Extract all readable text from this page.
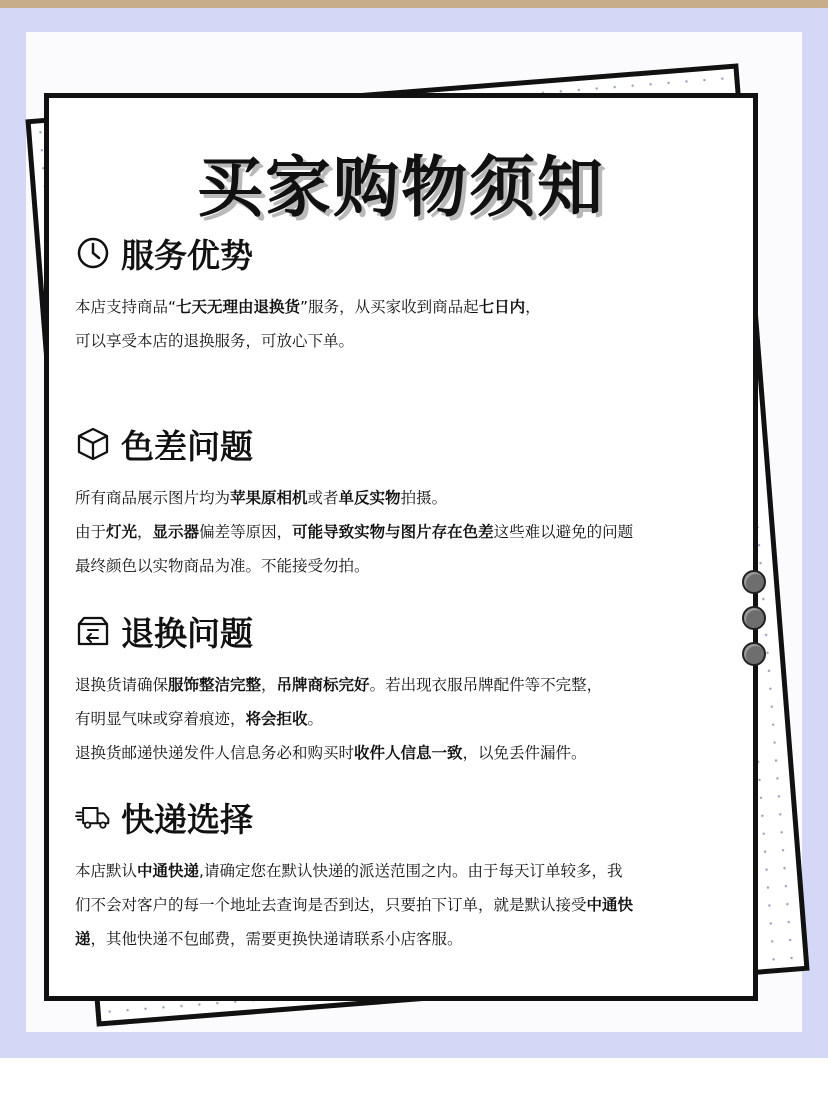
买家购物须知
服务优势
本店支持商品“七天无理由退换货”服务，从买家收到商品起七日内，
可以享受本店的退换服务，可放心下单。
色差问题
所有商品展示图片均为苹果原相机或者单反实物拍摄。
由于灯光，显示器偏差等原因，可能导致实物与图片存在色差这些难以避免的问题
最终颜色以实物商品为准。不能接受勿拍。
退换问题
退换货请确保服饰整洁完整，吊牌商标完好。若出现衣服吊牌配件等不完整，
有明显气味或穿着痕迹，将会拒收。
退换货邮递快递发件人信息务必和购买时收件人信息一致，以免丢件漏件。
快递选择
本店默认中通快递,请确定您在默认快递的派送范围之内。由于每天订单较多，我
们不会对客户的每一个地址去查询是否到达，只要拍下订单，就是默认接受中通快
递，其他快递不包邮费，需要更换快递请联系小店客服。
